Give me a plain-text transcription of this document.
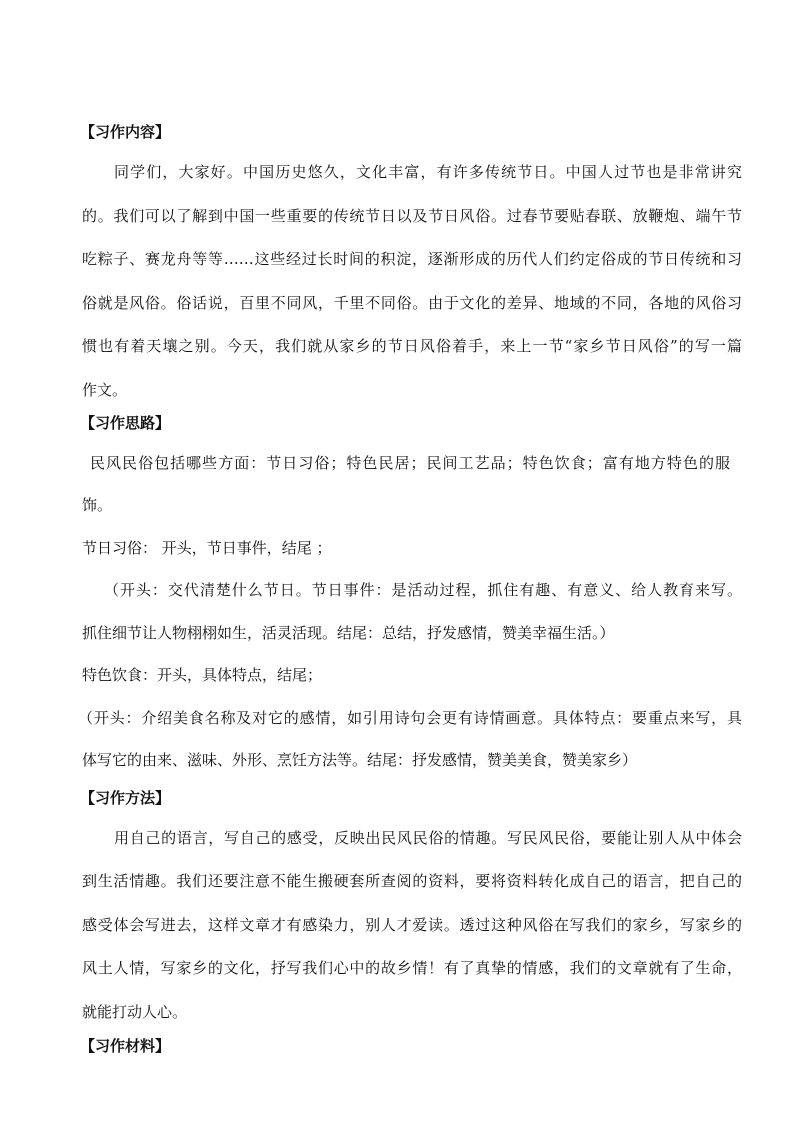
【习作内容】
同学们，大家好。中国历史悠久，文化丰富，有许多传统节日。中国人过节也是非常讲究
的。我们可以了解到中国一些重要的传统节日以及节日风俗。过春节要贴春联、放鞭炮、端午节
吃粽子、赛龙舟等等……这些经过长时间的积淀，逐渐形成的历代人们约定俗成的节日传统和习
俗就是风俗。俗话说，百里不同风，千里不同俗。由于文化的差异、地域的不同，各地的风俗习
惯也有着天壤之别。今天，我们就从家乡的节日风俗着手，来上一节“家乡节日风俗”的写一篇
作文。
【习作思路】
民风民俗包括哪些方面：节日习俗；特色民居；民间工艺品；特色饮食；富有地方特色的服
饰。
节日习俗： 开头，节日事件，结尾 ；
（开头：交代清楚什么节日。节日事件：是活动过程，抓住有趣、有意义、给人教育来写。
抓住细节让人物栩栩如生，活灵活现。结尾：总结，抒发感情，赞美幸福生活。）
特色饮食：开头，具体特点，结尾；
（开头：介绍美食名称及对它的感情，如引用诗句会更有诗情画意。具体特点：要重点来写，具
体写它的由来、滋味、外形、烹饪方法等。结尾：抒发感情，赞美美食，赞美家乡）
【习作方法】
用自己的语言，写自己的感受，反映出民风民俗的情趣。写民风民俗，要能让别人从中体会
到生活情趣。我们还要注意不能生搬硬套所查阅的资料，要将资料转化成自己的语言，把自己的
感受体会写进去，这样文章才有感染力，别人才爱读。透过这种风俗在写我们的家乡，写家乡的
风土人情，写家乡的文化，抒写我们心中的故乡情！有了真挚的情感，我们的文章就有了生命，
就能打动人心。
【习作材料】
